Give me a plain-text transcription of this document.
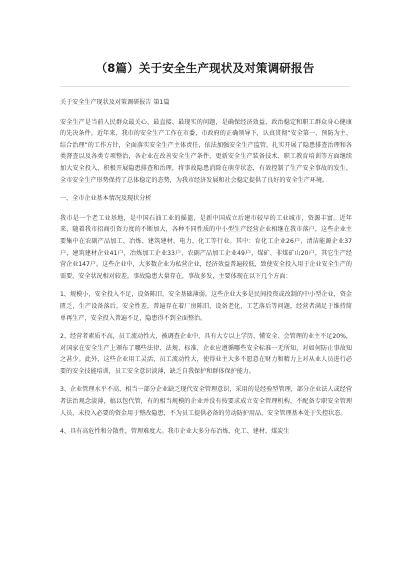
（8篇）关于安全生产现状及对策调研报告

关于安全生产现状及对策调研报告 第1篇

安全生产是当前人民群众最关心、最直接、最现实的问题，是确保经济效益、政治稳定和职工群众身心健康的先决条件。近年来，我市的安全生产工作在市委、市政府的正确领导下，认真贯彻“安全第一、预防为主、综合治理”的工作方针，全面落实安全生产主体责任，依法加强安全生产监管，扎实开展了隐患排查治理和各类督查以及各类专项整治，各企业在改善安全生产条件、更新安全生产装备技术、职工教育培训等方面继续加大安全投入，积极开展隐患排查和治理，将事故隐患消除在萌芽状态，有效控制了生产安全事故的发生，全市安全生产形势保持了总体稳定的态势，为我市经济发展和社会稳定提供了良好的安全生产环境。

一、全市企业基本情况及现状分析

我市是一个老工业基地，是中国石油工业的摇篮，是新中国成立后建市较早的工业城市，资源丰富。近年来，随着我市招商引资力度的不断加大，各种不同性质的中小型生产经营企业相继在我市落户，这些企业主要集中在农副产品加工、冶炼、建筑建材、电力、化工等行业。其中：育化工企业26户，清洁能源企业37户，建筑建材企业41户，冶炼加工企业33户，农副产品加工企业49户，煤矿、非煤矿山20户，其它生产经营企业147户。这些企业中，大多数企业为私营企业，经济效益普遍较低，致使安全投入用于企业安全生产的需要，安全状况相对较差，事故隐患大量存在，事故多发，主要体现在以下几个方面：

1、规模小，安全投入不足，设备陈旧，安全基础薄弱。这些企业大多是民间投资或改制的中小型企业，资金匮乏，生产设备落后，安全性差，普遍存在着厂房陈旧、设备老化，工艺落后等问题，经营者满足于维持简单再生产，安全投入普遍不足，隐患得不到全面整治。

2、经营者素质不高，员工流动性大，被调查企业中，具有大专以上学历、懂安全、会管理的业主不足20%，对国家在安全生产上颁布了哪些法律、法规、标准，企业应遵循哪些安全标准一无所知，对如何防止事故知之甚少。此外，这些企业用工灵活，员工流动性大，使得业主大多不愿意在财力和精力上对从业人员进行必要的安全技能培训，员工安全意识淡薄，缺乏自我保护和群体保护能力。

3、企业管理水平不高，相当一部分企业缺乏现代安全管理意识，采用的是经验型管理，部分企业法人或经营者法治观念淡薄，搞以包代管，有的相当规模的企业并没有按要求成立安全管理机构，不配备专职安全管理人员，未投入必要的资金用于整改隐患，不为员工提供必备的劳动防护用品，安全管理基本处于失控状态。

4、具有高危性和分散性，管理难度大。我市企业大多分布冶炼、化工、建材、煤炭生
